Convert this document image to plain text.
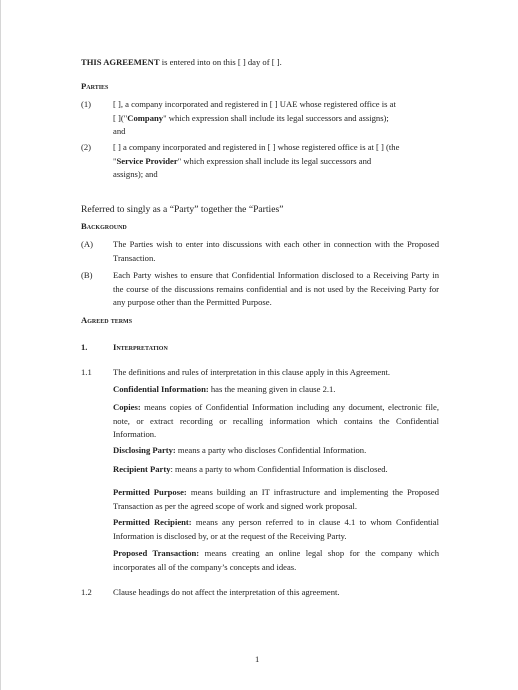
THIS AGREEMENT is entered into on this [ ] day of [ ].
Parties
(1)	[ ], a company incorporated and registered in [ ] UAE whose registered office is at
[ ]("Company" which expression shall include its legal successors and assigns);
and
(2)	[ ] a company incorporated and registered in [ ] whose registered office is at [ ] (the
"Service Provider" which expression shall include its legal successors and
assigns); and
Referred to singly as a “Party” together the “Parties”
Background
(A) The Parties wish to enter into discussions with each other in connection with the Proposed Transaction.
(B) Each Party wishes to ensure that Confidential Information disclosed to a Receiving Party in the course of the discussions remains confidential and is not used by the Receiving Party for any purpose other than the Permitted Purpose.
Agreed terms
1.	Interpretation
1.1 The definitions and rules of interpretation in this clause apply in this Agreement.
Confidential Information: has the meaning given in clause 2.1.
Copies: means copies of Confidential Information including any document, electronic file, note, or extract recording or recalling information which contains the Confidential Information.
Disclosing Party: means a party who discloses Confidential Information.
Recipient Party: means a party to whom Confidential Information is disclosed.
Permitted Purpose: means building an IT infrastructure and implementing the Proposed Transaction as per the agreed scope of work and signed work proposal.
Permitted Recipient: means any person referred to in clause 4.1 to whom Confidential Information is disclosed by, or at the request of the Receiving Party.
Proposed Transaction: means creating an online legal shop for the company which incorporates all of the company’s concepts and ideas.
1.2 Clause headings do not affect the interpretation of this agreement.
1
